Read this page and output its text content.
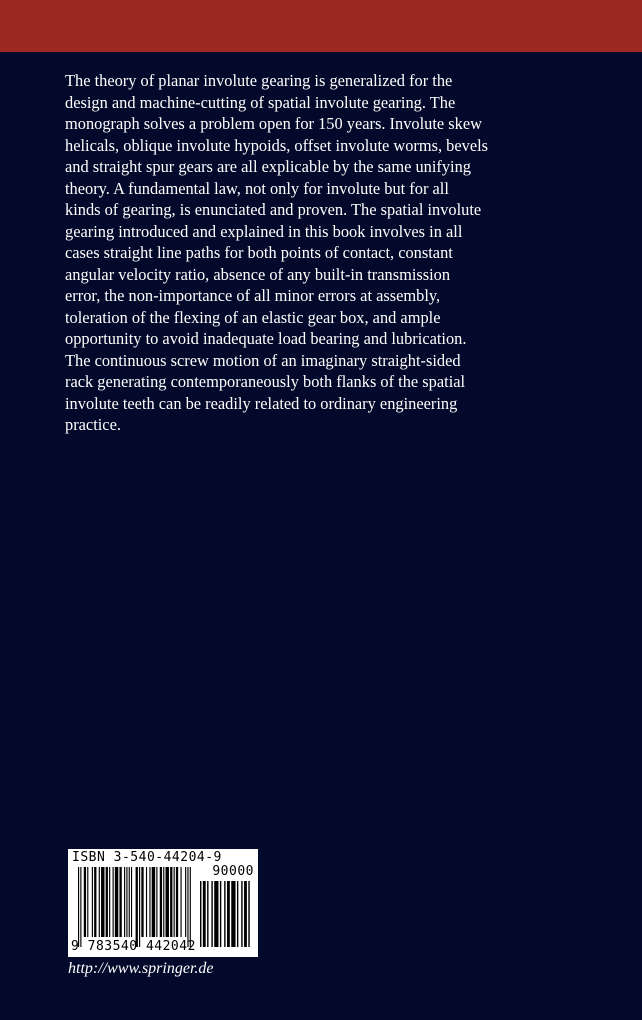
The theory of planar involute gearing is generalized for the
design and machine-cutting of spatial involute gearing. The
monograph solves a problem open for 150 years. Involute skew
helicals, oblique involute hypoids, offset involute worms, bevels
and straight spur gears are all explicable by the same unifying
theory. A fundamental law, not only for involute but for all
kinds of gearing, is enunciated and proven. The spatial involute
gearing introduced and explained in this book involves in all
cases straight line paths for both points of contact, constant
angular velocity ratio, absence of any built-in transmission
error, the non-importance of all minor errors at assembly,
toleration of the flexing of an elastic gear box, and ample
opportunity to avoid inadequate load bearing and lubrication.
The continuous screw motion of an imaginary straight-sided
rack generating contemporaneously both flanks of the spatial
involute teeth can be readily related to ordinary engineering
practice.
ISBN 3-540-44204-9
90000
9 783540 442042
http://www.springer.de
